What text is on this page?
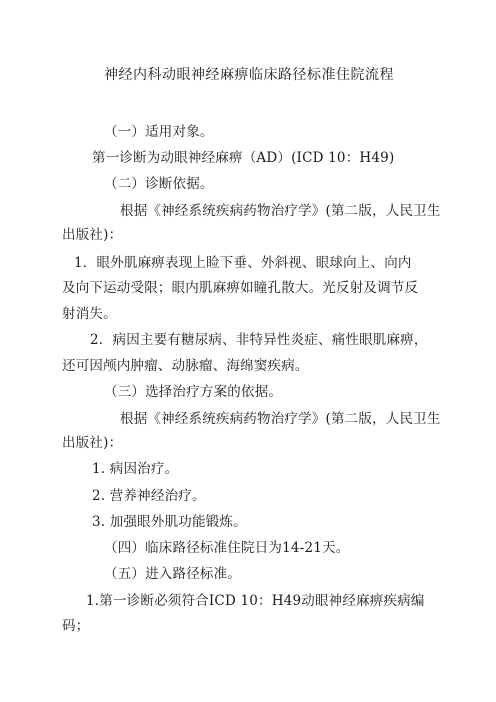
神经内科动眼神经麻痹临床路径标准住院流程
（一）适用对象。
第一诊断为动眼神经麻痹（AD）(ICD 10：H49)
（二）诊断依据。
根据《神经系统疾病药物治疗学》(第二版，人民卫生
出版社)：
1．眼外肌麻痹表现上睑下垂、外斜视、眼球向上、向内
及向下运动受限；眼内肌麻痹如瞳孔散大。光反射及调节反
射消失。
2．病因主要有糖尿病、非特异性炎症、痛性眼肌麻痹，
还可因颅内肿瘤、动脉瘤、海绵窦疾病。
（三）选择治疗方案的依据。
根据《神经系统疾病药物治疗学》(第二版，人民卫生
出版社)：
1. 病因治疗。
2. 营养神经治疗。
3. 加强眼外肌功能锻炼。
（四）临床路径标准住院日为14-21天。
（五）进入路径标准。
1.第一诊断必须符合ICD 10：H49动眼神经麻痹疾病编
码；
